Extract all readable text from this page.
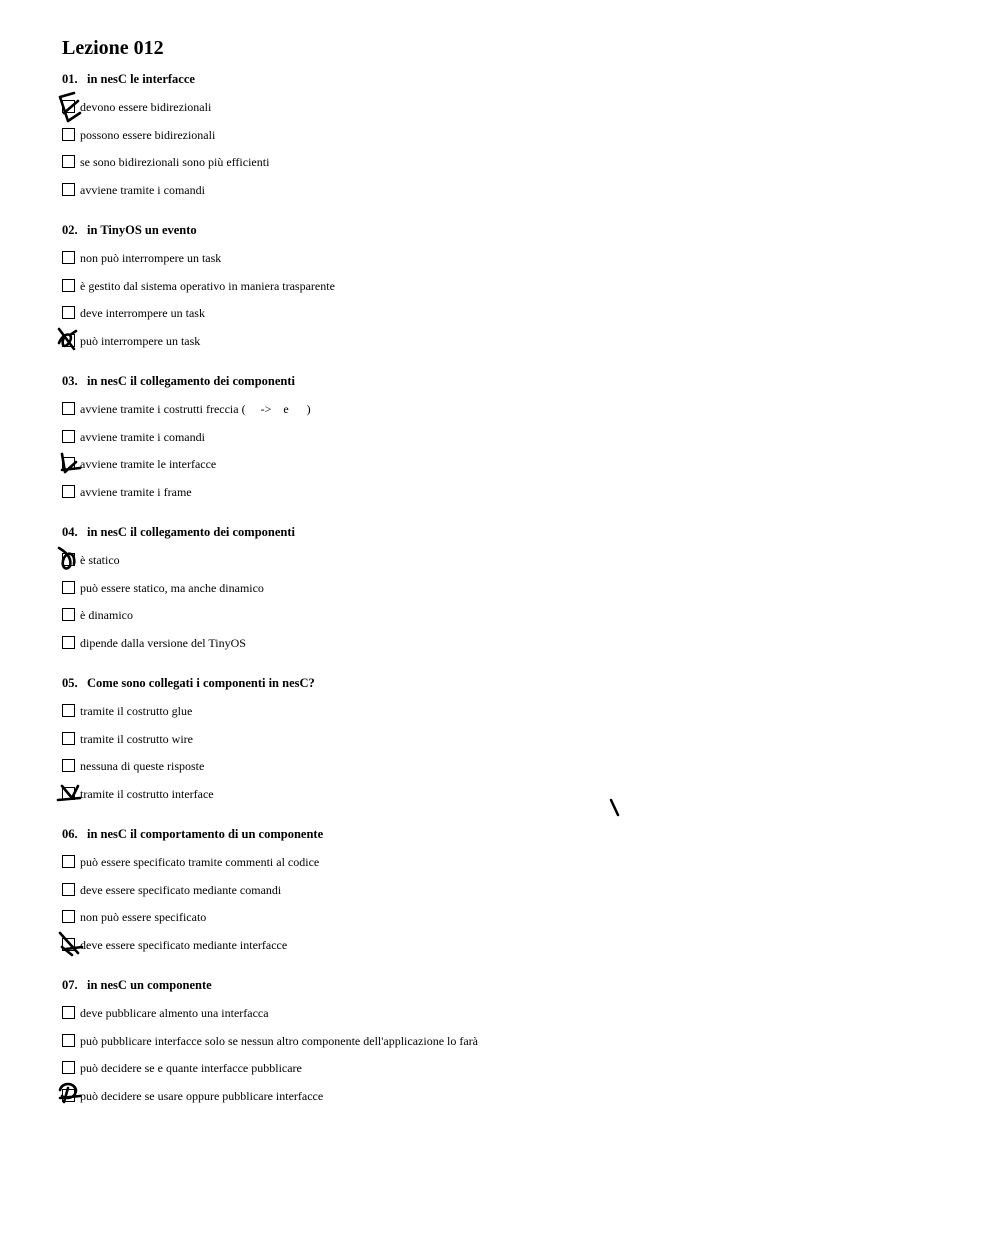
Lezione 012
01. in nesC le interfacce
devono essere bidirezionali
possono essere bidirezionali
se sono bidirezionali sono più efficienti
avviene tramite i comandi
02. in TinyOS un evento
non può interrompere un task
è gestito dal sistema operativo in maniera trasparente
deve interrompere un task
può interrompere un task
03. in nesC il collegamento dei componenti
avviene tramite i costrutti freccia (     ->    e      )
avviene tramite i comandi
avviene tramite le interfacce
avviene tramite i frame
04. in nesC il collegamento dei componenti
è statico
può essere statico, ma anche dinamico
è dinamico
dipende dalla versione del TinyOS
05. Come sono collegati i componenti in nesC?
tramite il costrutto glue
tramite il costrutto wire
nessuna di queste risposte
tramite il costrutto interface
06. in nesC il comportamento di un componente
può essere specificato tramite commenti al codice
deve essere specificato mediante comandi
non può essere specificato
deve essere specificato mediante interfacce
07. in nesC un componente
deve pubblicare almento una interfacca
può pubblicare interfacce solo se nessun altro componente dell'applicazione lo farà
può decidere se e quante interfacce pubblicare
può decidere se usare oppure pubblicare interfacce
